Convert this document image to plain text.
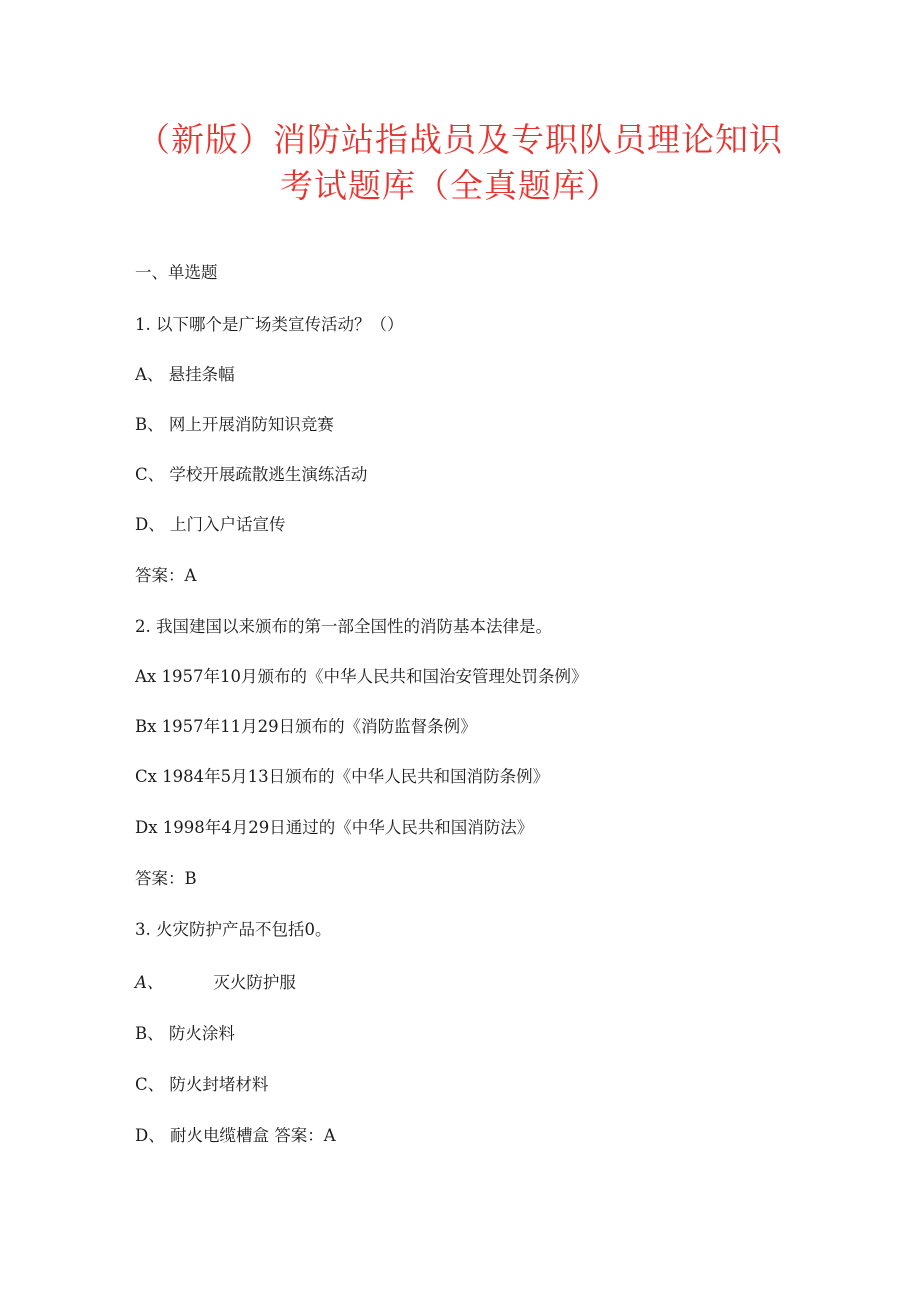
（新版）消防站指战员及专职队员理论知识
考试题库（全真题库）
一、单选题
1. 以下哪个是广场类宣传活动？（）
A、 悬挂条幅
B、 网上开展消防知识竞赛
C、 学校开展疏散逃生演练活动
D、 上门入户话宣传
答案：A
2. 我国建国以来颁布的第一部全国性的消防基本法律是。
Ax 1957年10月颁布的《中华人民共和国治安管理处罚条例》
Bx 1957年11月29日颁布的《消防监督条例》
Cx 1984年5月13日颁布的《中华人民共和国消防条例》
Dx 1998年4月29日通过的《中华人民共和国消防法》
答案：B
3. 火灾防护产品不包括0。
A、	灭火防护服
B、 防火涂料
C、 防火封堵材料
D、 耐火电缆槽盒 答案：A
